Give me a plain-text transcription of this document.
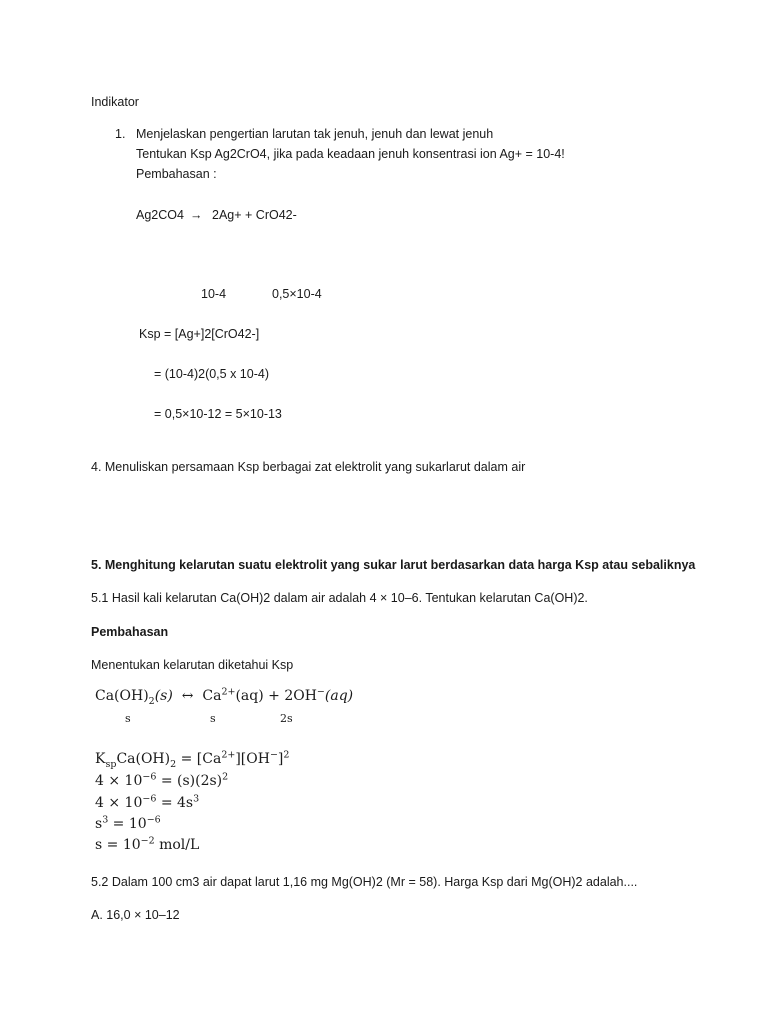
Indikator
1. Menjelaskan pengertian larutan tak jenuh, jenuh dan lewat jenuh
Tentukan Ksp Ag2CrO4, jika pada keadaan jenuh konsentrasi ion Ag+ = 10-4!
Pembahasan :
Ag2CO4 → 2Ag+ + CrO42-
10-4	0,5×10-4
Ksp = [Ag+]2[CrO42-]
= (10-4)2(0,5 x 10-4)
= 0,5×10-12 = 5×10-13
4. Menuliskan persamaan Ksp berbagai zat elektrolit yang sukarlarut dalam air
5. Menghitung kelarutan suatu elektrolit yang sukar larut berdasarkan data harga Ksp atau sebaliknya
5.1 Hasil kali kelarutan Ca(OH)2 dalam air adalah 4 × 10–6. Tentukan kelarutan Ca(OH)2.
Pembahasan
Menentukan kelarutan diketahui Ksp
$Ca(OH)_2(s)$ ↔ $Ca^{2+}(aq) + 2OH^-(aq)$
s	s	2s
$K_{sp}Ca(OH)_2 = [Ca^{2+}][OH^-]^2$
$4 \times 10^{-6} = (s)(2s)^2$
$4 \times 10^{-6} = 4s^3$
$s^3 = 10^{-6}$
$s = 10^{-2}$ mol/L
5.2 Dalam 100 cm3 air dapat larut 1,16 mg Mg(OH)2 (Mr = 58). Harga Ksp dari Mg(OH)2 adalah....
A. 16,0 × 10–12
